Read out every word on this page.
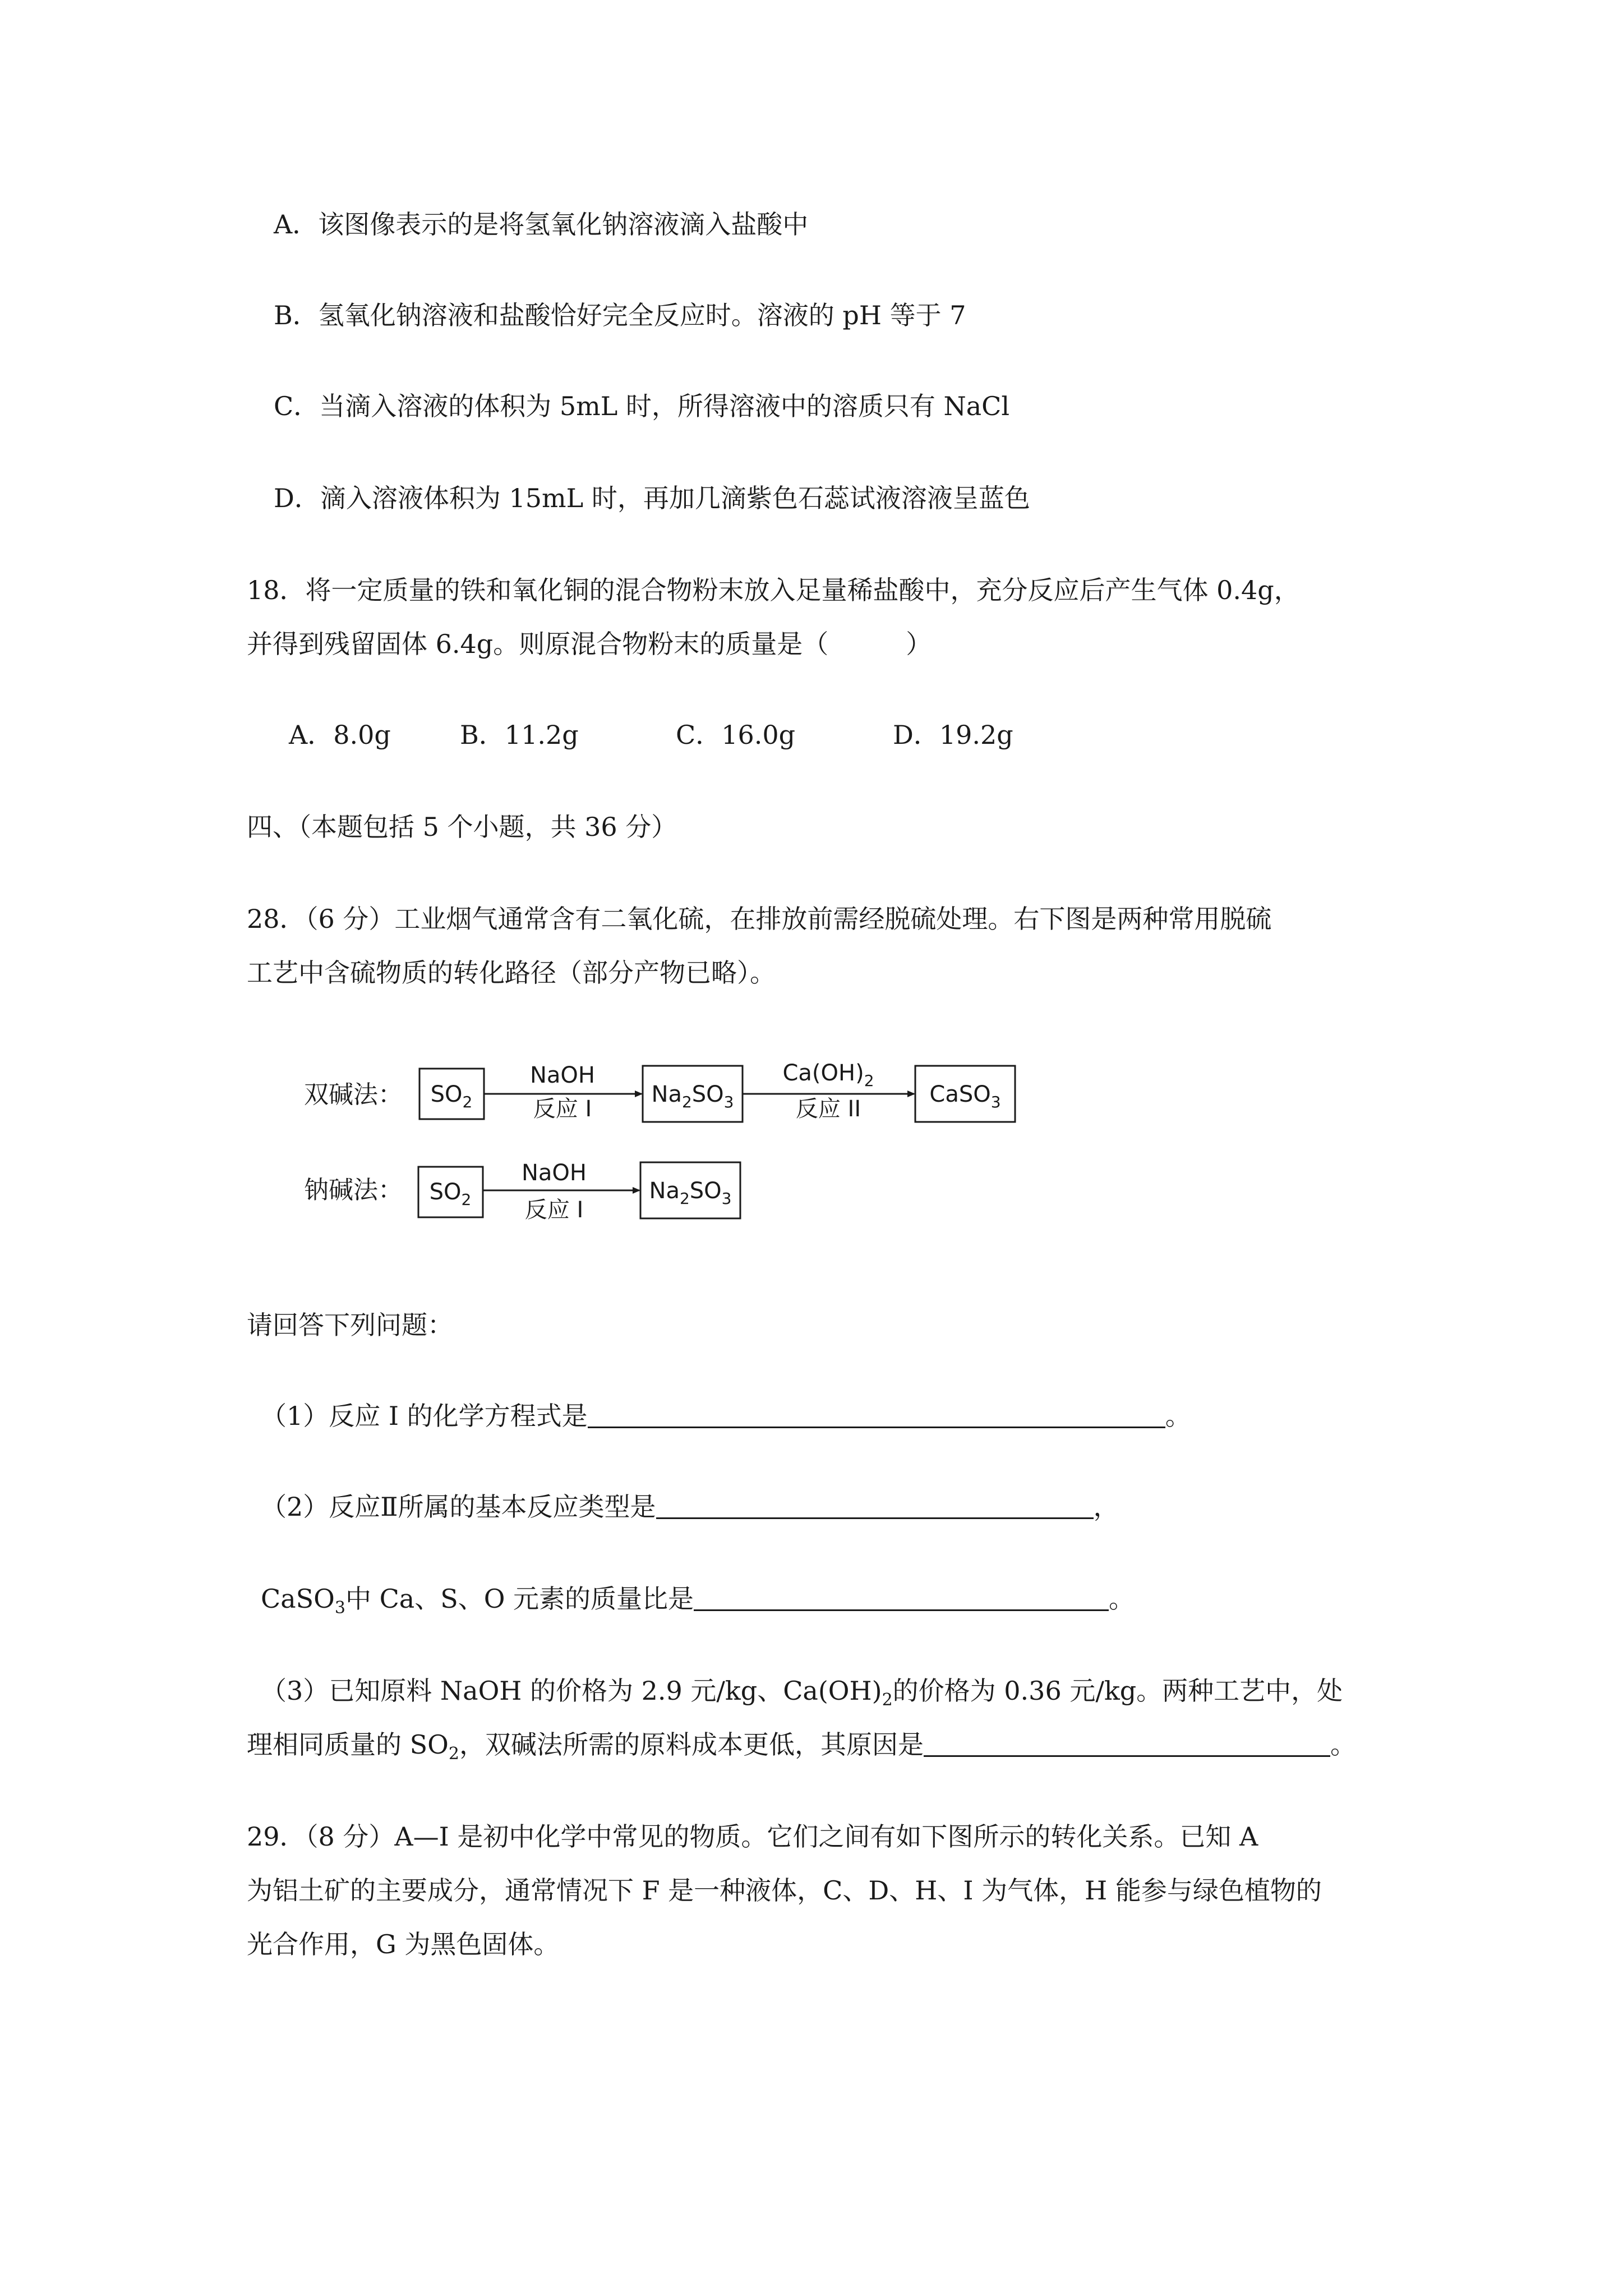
A．该图像表示的是将氢氧化钠溶液滴入盐酸中
B．氢氧化钠溶液和盐酸恰好完全反应时。溶液的 pH 等于 7
C．当滴入溶液的体积为 5mL 时，所得溶液中的溶质只有 NaCl
D．滴入溶液体积为 15mL 时，再加几滴紫色石蕊试液溶液呈蓝色
18．将一定质量的铁和氧化铜的混合物粉末放入足量稀盐酸中，充分反应后产生气体 0.4g，
并得到残留固体 6.4g。则原混合物粉末的质量是（　　　）
A．8.0g	B．11.2g	C．16.0g	D．19.2g
四、（本题包括 5 个小题，共 36 分）
28．（6 分）工业烟气通常含有二氧化硫，在排放前需经脱硫处理。右下图是两种常用脱硫
工艺中含硫物质的转化路径（部分产物已略）。
双碱法： $SO_2$
NaOH
反应 I
$Na_2SO_3$
$Ca(OH)_2$
反应 II
CaSO$_3$
钠碱法： $SO_2$
NaOH
反应 I
$Na_2SO_3$
请回答下列问题：
（1）反应 I 的化学方程式是	。
（2）反应Ⅱ所属的基本反应类型是	，
CaSO$_3$中 Ca、S、O 元素的质量比是	。
（3）已知原料 NaOH 的价格为 2.9 元/kg、$Ca(OH)_2$的价格为 0.36 元/kg。两种工艺中，处
理相同质量的 $SO_2$，双碱法所需的原料成本更低，其原因是	。
29．（8 分）A—I 是初中化学中常见的物质。它们之间有如下图所示的转化关系。已知 A
为铝土矿的主要成分，通常情况下 F 是一种液体，C、D、H、I 为气体，H 能参与绿色植物的
光合作用，G 为黑色固体。
